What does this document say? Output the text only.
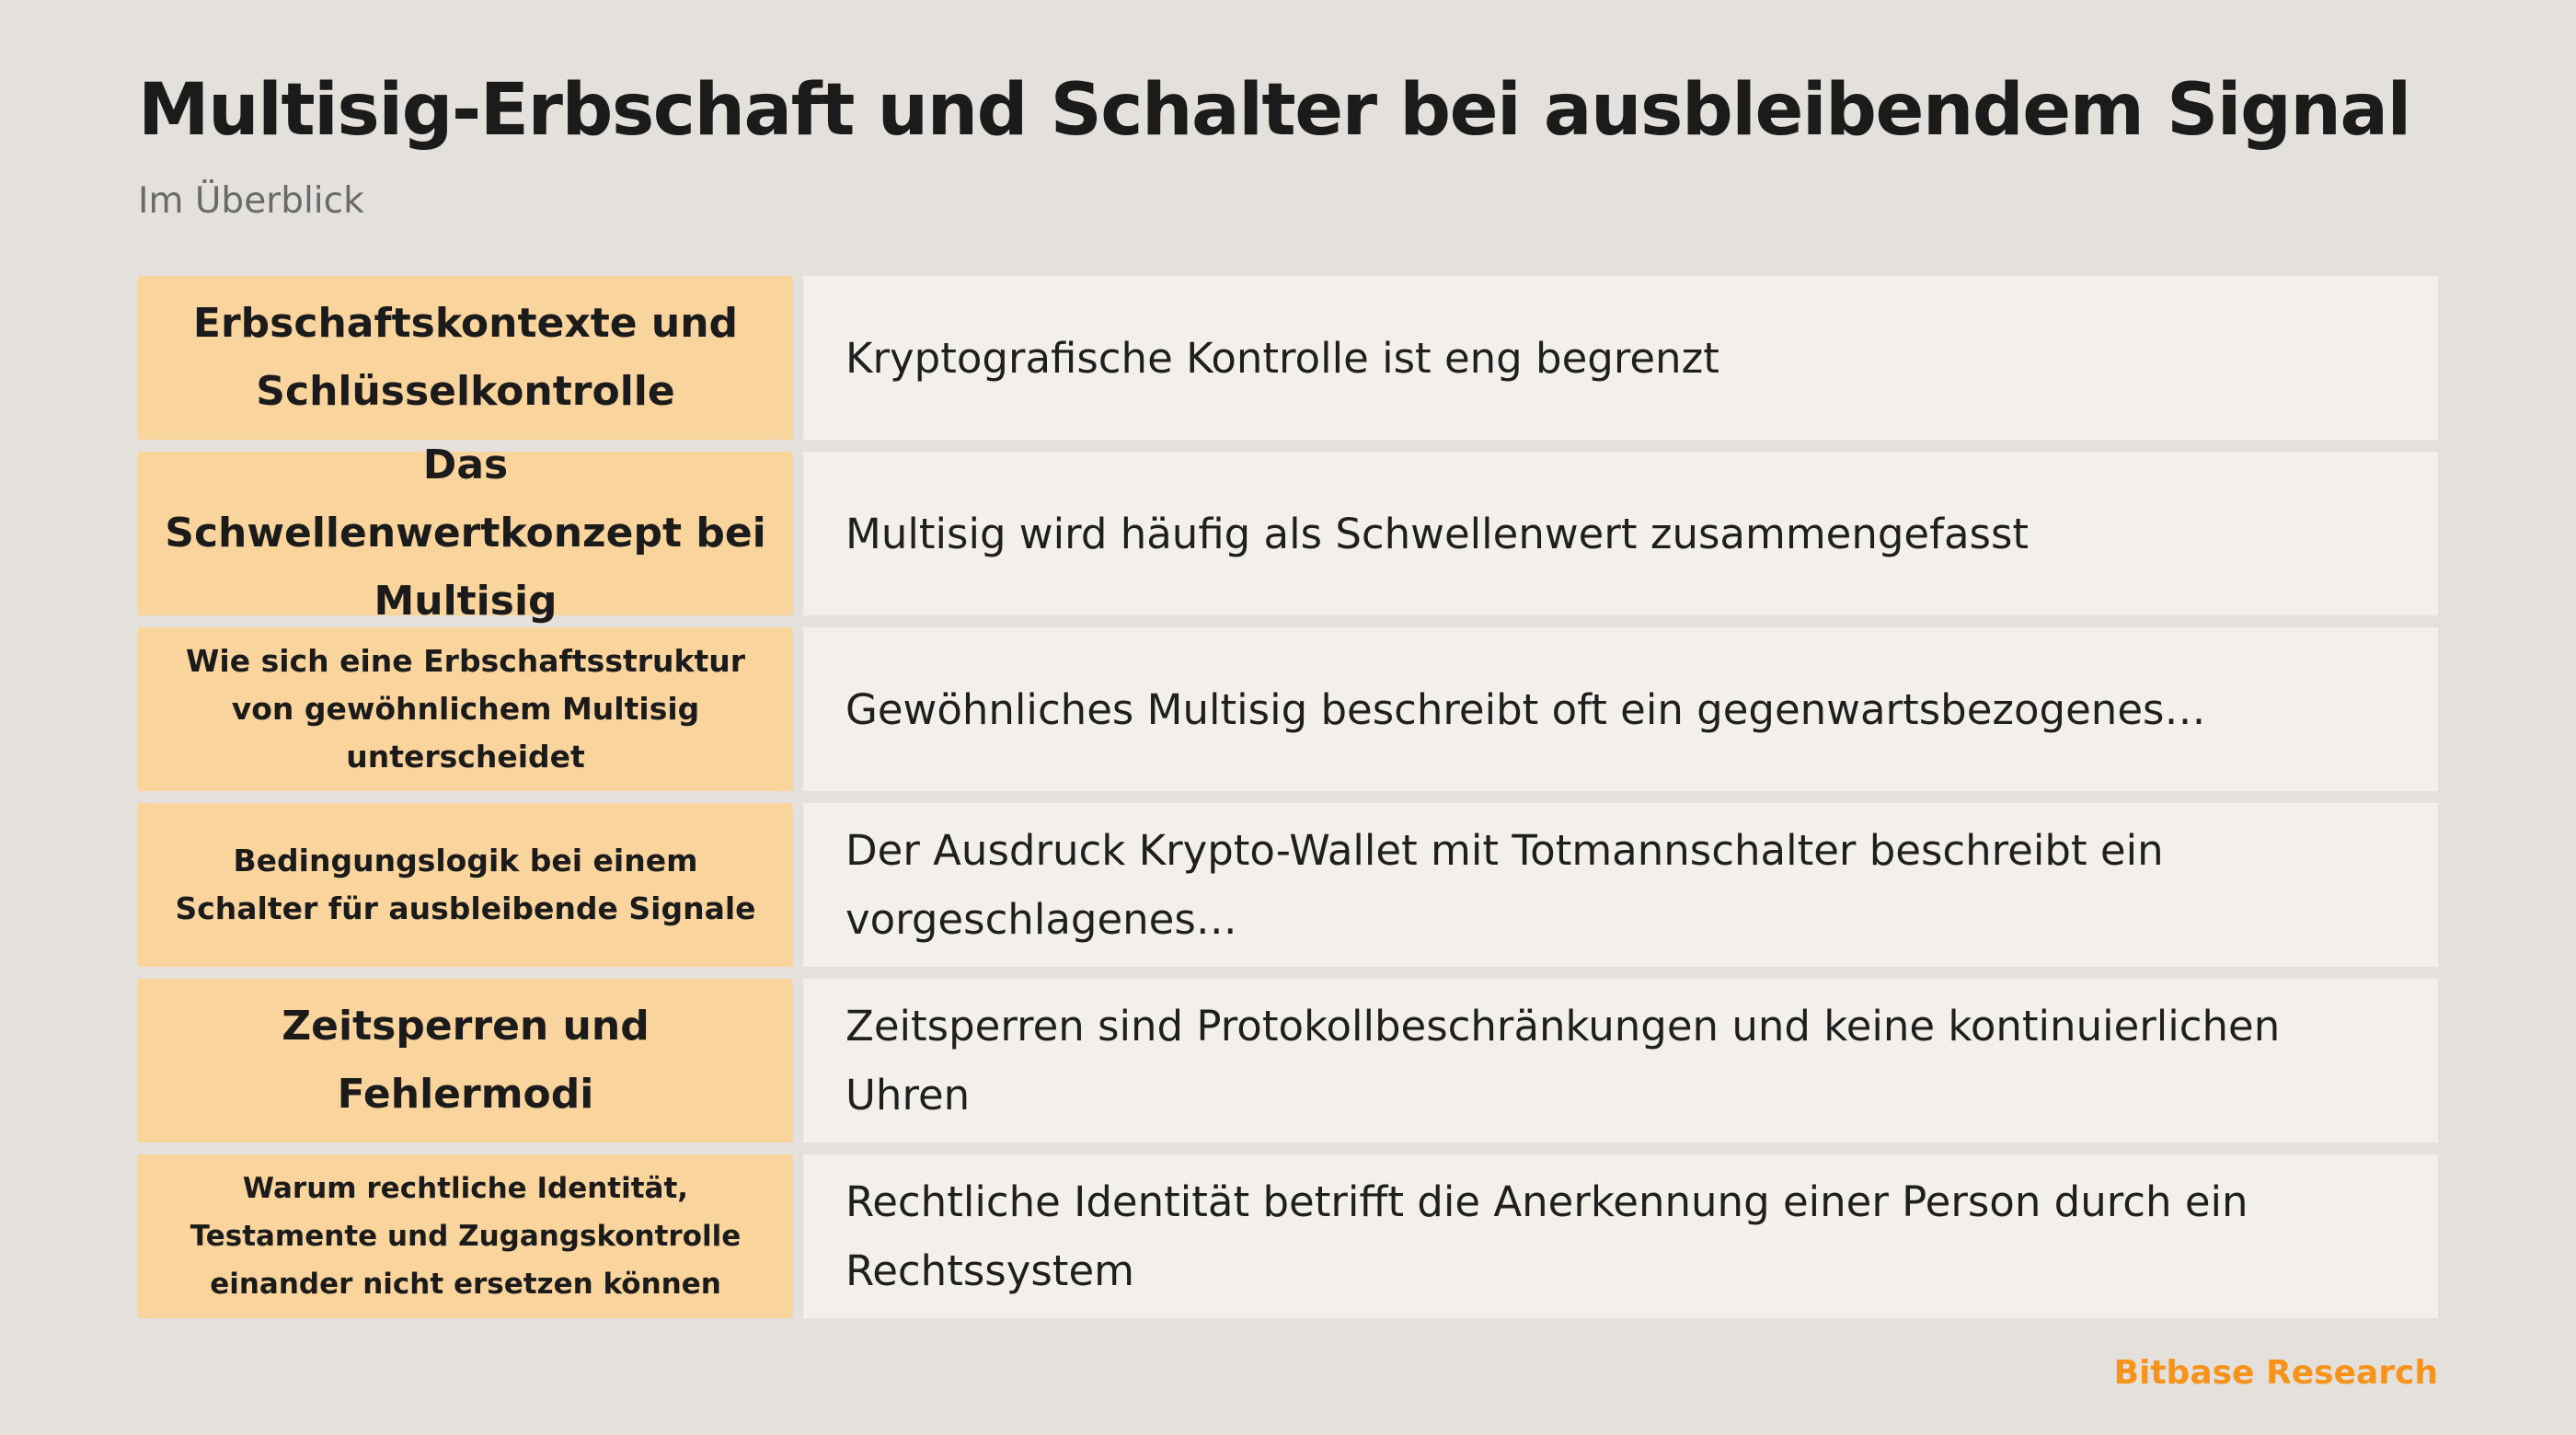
Multisig-Erbschaft und Schalter bei ausbleibendem Signal

Im Überblick

Erbschaftskontexte und Schlüsselkontrolle
Kryptografische Kontrolle ist eng begrenzt
Das Schwellenwertkonzept bei Multisig
Multisig wird häufig als Schwellenwert zusammengefasst
Wie sich eine Erbschaftsstruktur von gewöhnlichem Multisig unterscheidet
Gewöhnliches Multisig beschreibt oft ein gegenwartsbezogenes…
Bedingungslogik bei einem Schalter für ausbleibende Signale
Der Ausdruck Krypto-Wallet mit Totmannschalter beschreibt ein vorgeschlagenes…
Zeitsperren und Fehlermodi
Zeitsperren sind Protokollbeschränkungen und keine kontinuierlichen Uhren
Warum rechtliche Identität, Testamente und Zugangskontrolle einander nicht ersetzen können
Rechtliche Identität betrifft die Anerkennung einer Person durch ein Rechtssystem

Bitbase Research
